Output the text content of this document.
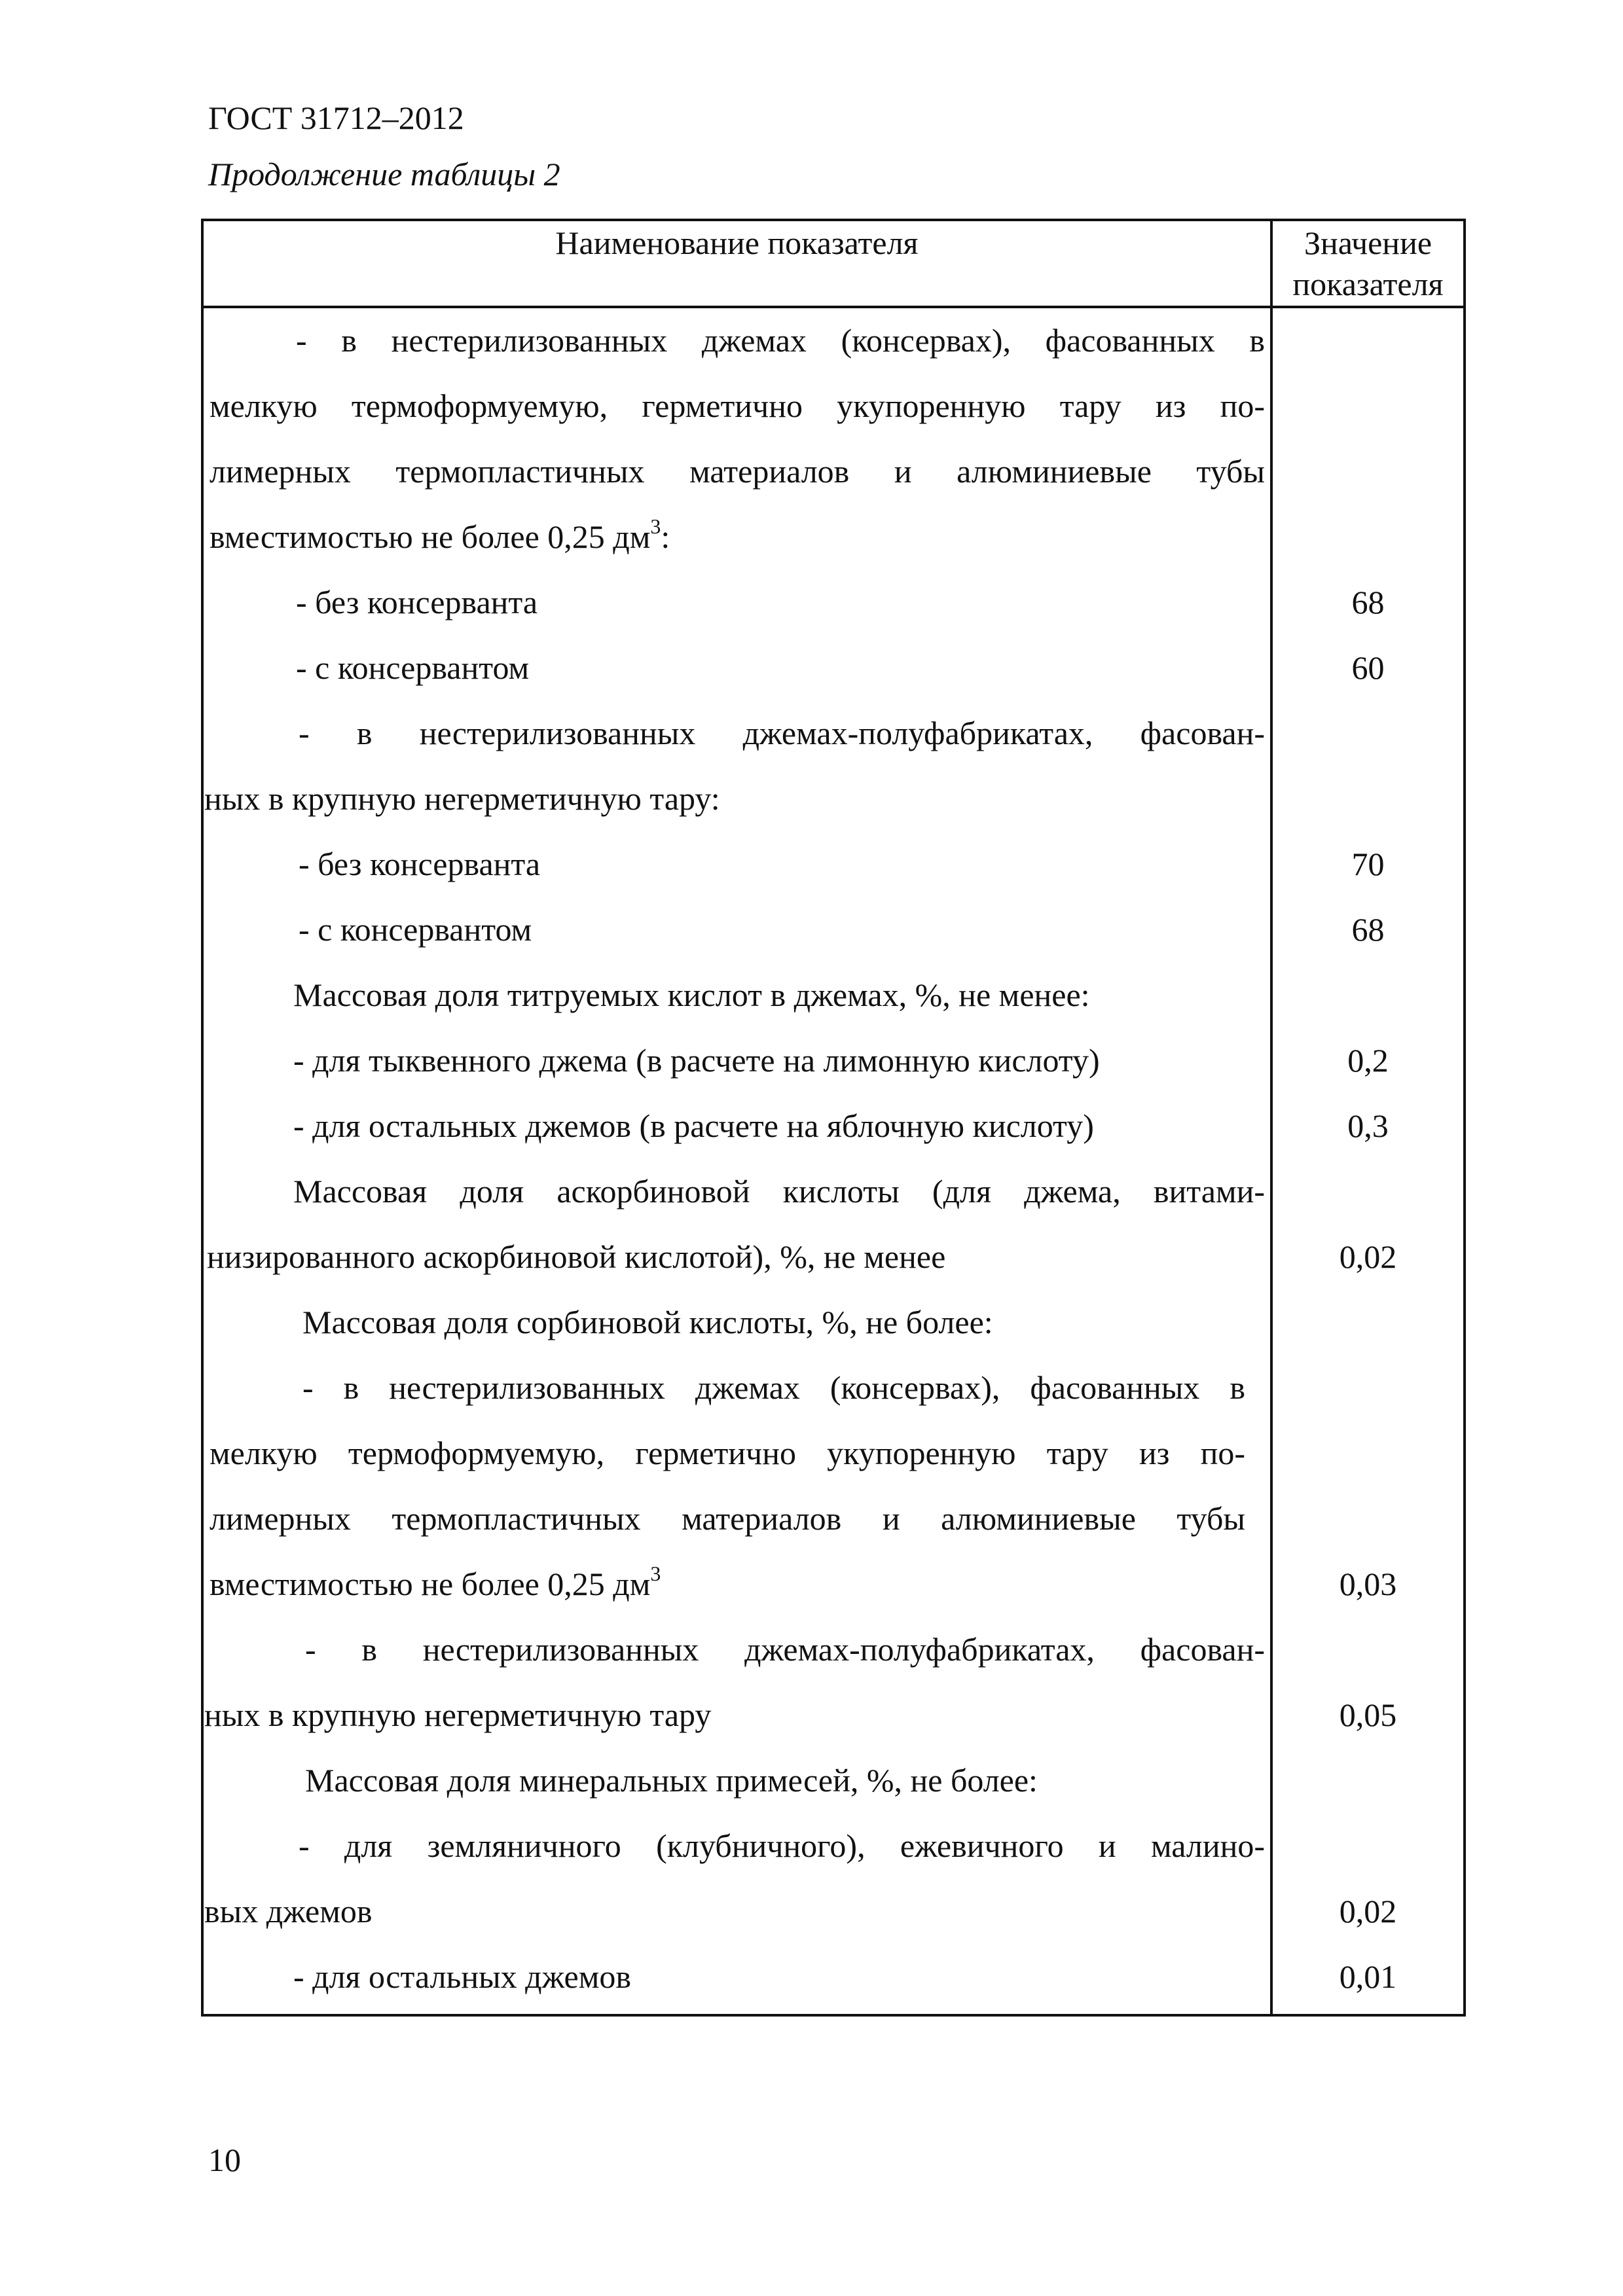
ГОСТ 31712–2012
Продолжение таблицы 2
Наименование показателя	Значение
показателя
- в нестерилизованных джемах (консервах), фасованных в
мелкую термоформуемую, герметично укупоренную тару из по-
лимерных термопластичных материалов и алюминиевые тубы
вместимостью не более 0,25 $дм^3$:
- без консерванта	68
- с консервантом	60
- в нестерилизованных джемах-полуфабрикатах, фасован-
ных в крупную негерметичную тару:
- без консерванта	70
- с консервантом	68
Массовая доля титруемых кислот в джемах, %, не менее:
- для тыквенного джема (в расчете на лимонную кислоту)	0,2
- для остальных джемов (в расчете на яблочную кислоту)	0,3
Массовая доля аскорбиновой кислоты (для джема, витами-
низированного аскорбиновой кислотой), %, не менее	0,02
Массовая доля сорбиновой кислоты, %, не более:
- в нестерилизованных джемах (консервах), фасованных в
мелкую термоформуемую, герметично укупоренную тару из по-
лимерных термопластичных материалов и алюминиевые тубы
вместимостью не более 0,25 $дм^3$	0,03
- в нестерилизованных джемах-полуфабрикатах, фасован-
ных в крупную негерметичную тару	0,05
Массовая доля минеральных примесей, %, не более:
- для земляничного (клубничного), ежевичного и малино-
вых джемов	0,02
- для остальных джемов	0,01
10
